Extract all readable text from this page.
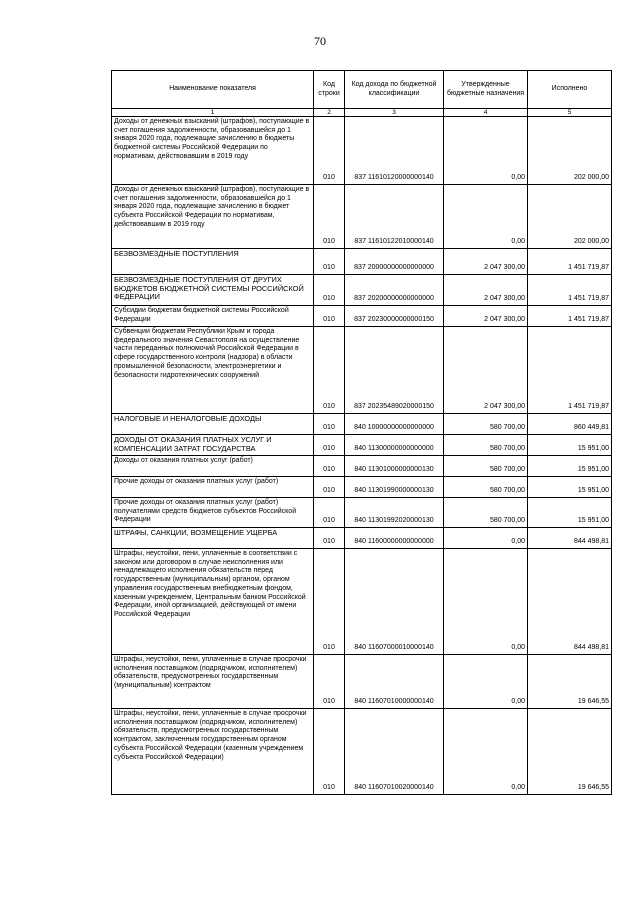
70
Наименование показателя	Код строки	Код дохода по бюджетной классификации	Утвержденные бюджетные назначения	Исполнено
1	2	3	4	5
Доходы от денежных взысканий (штрафов), поступающие в счет погашения задолженности, образовавшейся до 1 января 2020 года, подлежащие зачислению в бюджеты бюджетной системы Российской Федерации по нормативам, действовавшим в 2019 году	010	837 11610120000000140	0,00	202 000,00
Доходы от денежных взысканий (штрафов), поступающие в счет погашения задолженности, образовавшейся до 1 января 2020 года, подлежащие зачислению в бюджет субъекта Российской Федерации по нормативам, действовавшим в 2019 году	010	837 11610122010000140	0,00	202 000,00
БЕЗВОЗМЕЗДНЫЕ ПОСТУПЛЕНИЯ	010	837 20000000000000000	2 047 300,00	1 451 719,87
БЕЗВОЗМЕЗДНЫЕ ПОСТУПЛЕНИЯ ОТ ДРУГИХ БЮДЖЕТОВ БЮДЖЕТНОЙ СИСТЕМЫ РОССИЙСКОЙ ФЕДЕРАЦИИ	010	837 20200000000000000	2 047 300,00	1 451 719,87
Субсидии бюджетам бюджетной системы Российской Федерации	010	837 20230000000000150	2 047 300,00	1 451 719,87
Субвенции бюджетам Республики Крым и города федерального значения Севастополя на осуществление части переданных полномочий Российской Федерации в сфере государственного контроля (надзора) в области промышленной безопасности, электроэнергетики и безопасности гидротехнических сооружений	010	837 20235489020000150	2 047 300,00	1 451 719,87
НАЛОГОВЫЕ И НЕНАЛОГОВЫЕ ДОХОДЫ	010	840 10000000000000000	580 700,00	860 449,81
ДОХОДЫ ОТ ОКАЗАНИЯ ПЛАТНЫХ УСЛУГ И КОМПЕНСАЦИИ ЗАТРАТ ГОСУДАРСТВА	010	840 11300000000000000	580 700,00	15 951,00
Доходы от оказания платных услуг (работ)	010	840 11301000000000130	580 700,00	15 951,00
Прочие доходы от оказания платных услуг (работ)	010	840 11301990000000130	580 700,00	15 951,00
Прочие доходы от оказания платных услуг (работ) получателями средств бюджетов субъектов Российской Федерации	010	840 11301992020000130	580 700,00	15 951,00
ШТРАФЫ, САНКЦИИ, ВОЗМЕЩЕНИЕ УЩЕРБА	010	840 11600000000000000	0,00	844 498,81
Штрафы, неустойки, пени, уплаченные в соответствии с законом или договором в случае неисполнения или ненадлежащего исполнения обязательств перед государственным (муниципальным) органом, органом управления государственным внебюджетным фондом, казенным учреждением, Центральным банком Российской Федерации, иной организацией, действующей от имени Российской Федерации	010	840 11607000010000140	0,00	844 498,81
Штрафы, неустойки, пени, уплаченные в случае просрочки исполнения поставщиком (подрядчиком, исполнителем) обязательств, предусмотренных государственным (муниципальным) контрактом	010	840 11607010000000140	0,00	19 646,55
Штрафы, неустойки, пени, уплаченные в случае просрочки исполнения поставщиком (подрядчиком, исполнителем) обязательств, предусмотренных государственным контрактом, заключенным государственным органом субъекта Российской Федерации (казенным учреждением субъекта Российской Федерации)	010	840 11607010020000140	0,00	19 646,55
